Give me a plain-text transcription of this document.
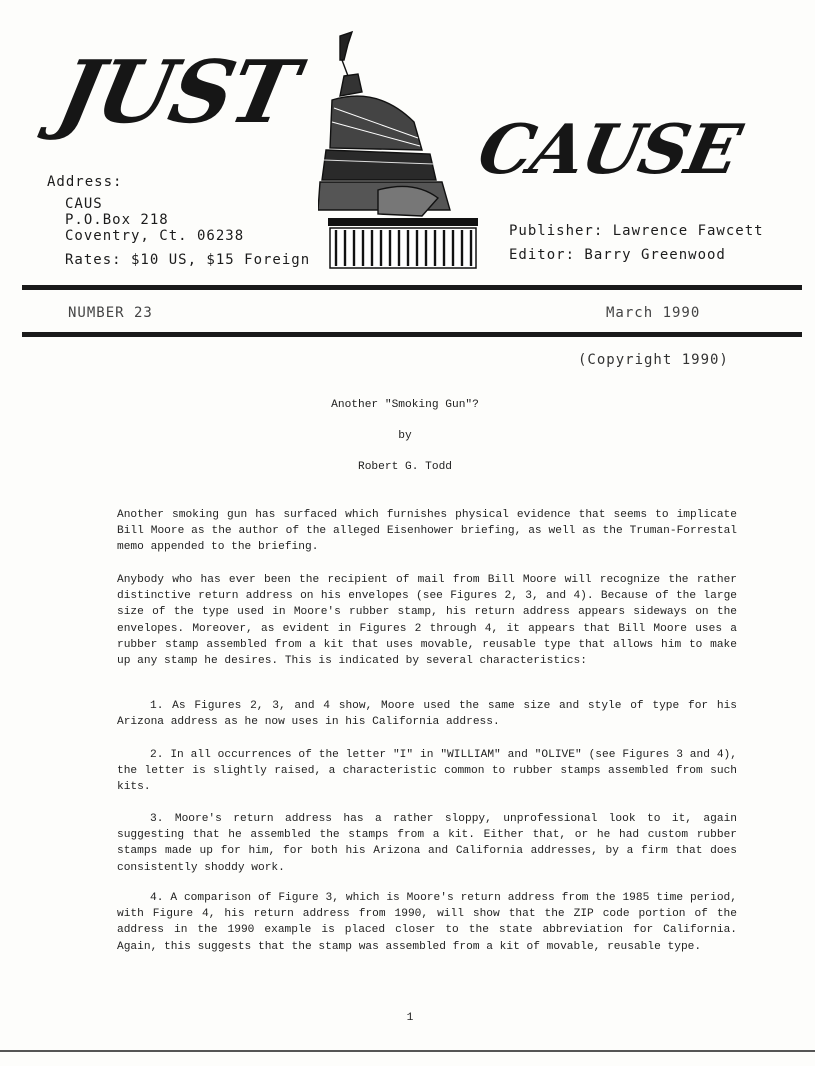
JUST
CAUSE
Address:
CAUS
P.O.Box 218
Coventry, Ct. 06238
Rates: $10 US, $15 Foreign
Publisher: Lawrence Fawcett
Editor: Barry Greenwood
NUMBER 23	March 1990
(Copyright 1990)
Another "Smoking Gun"?
by
Robert G. Todd
Another smoking gun has surfaced which furnishes physical evidence that seems to implicate Bill Moore as the author of the alleged Eisenhower briefing, as well as the Truman-Forrestal memo appended to the briefing.
Anybody who has ever been the recipient of mail from Bill Moore will recognize the rather distinctive return address on his envelopes (see Figures 2, 3, and 4). Because of the large size of the type used in Moore's rubber stamp, his return address appears sideways on the envelopes. Moreover, as evident in Figures 2 through 4, it appears that Bill Moore uses a rubber stamp assembled from a kit that uses movable, reusable type that allows him to make up any stamp he desires. This is indicated by several characteristics:
1. As Figures 2, 3, and 4 show, Moore used the same size and style of type for his Arizona address as he now uses in his California address.
2. In all occurrences of the letter "I" in "WILLIAM" and "OLIVE" (see Figures 3 and 4), the letter is slightly raised, a characteristic common to rubber stamps assembled from such kits.
3. Moore's return address has a rather sloppy, unprofessional look to it, again suggesting that he assembled the stamps from a kit. Either that, or he had custom rubber stamps made up for him, for both his Arizona and California addresses, by a firm that does consistently shoddy work.
4. A comparison of Figure 3, which is Moore's return address from the 1985 time period, with Figure 4, his return address from 1990, will show that the ZIP code portion of the address in the 1990 example is placed closer to the state abbreviation for California. Again, this suggests that the stamp was assembled from a kit of movable, reusable type.
1
